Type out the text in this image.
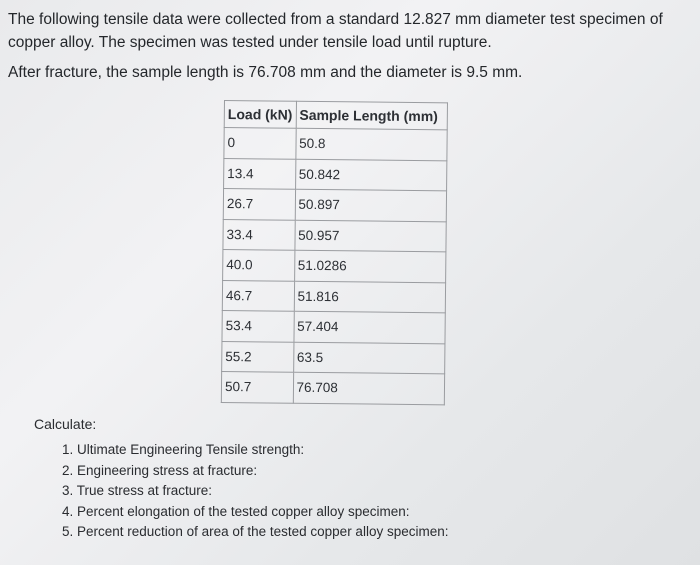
The following tensile data were collected from a standard 12.827 mm diameter test specimen of copper alloy. The specimen was tested under tensile load until rupture.

After fracture, the sample length is 76.708 mm and the diameter is 9.5 mm.

Load (kN)	Sample Length (mm)
0	50.8
13.4	50.842
26.7	50.897
33.4	50.957
40.0	51.0286
46.7	51.816
53.4	57.404
55.2	63.5
50.7	76.708
Calculate:
1. Ultimate Engineering Tensile strength:
2. Engineering stress at fracture:
3. True stress at fracture:
4. Percent elongation of the tested copper alloy specimen:
5. Percent reduction of area of the tested copper alloy specimen:
